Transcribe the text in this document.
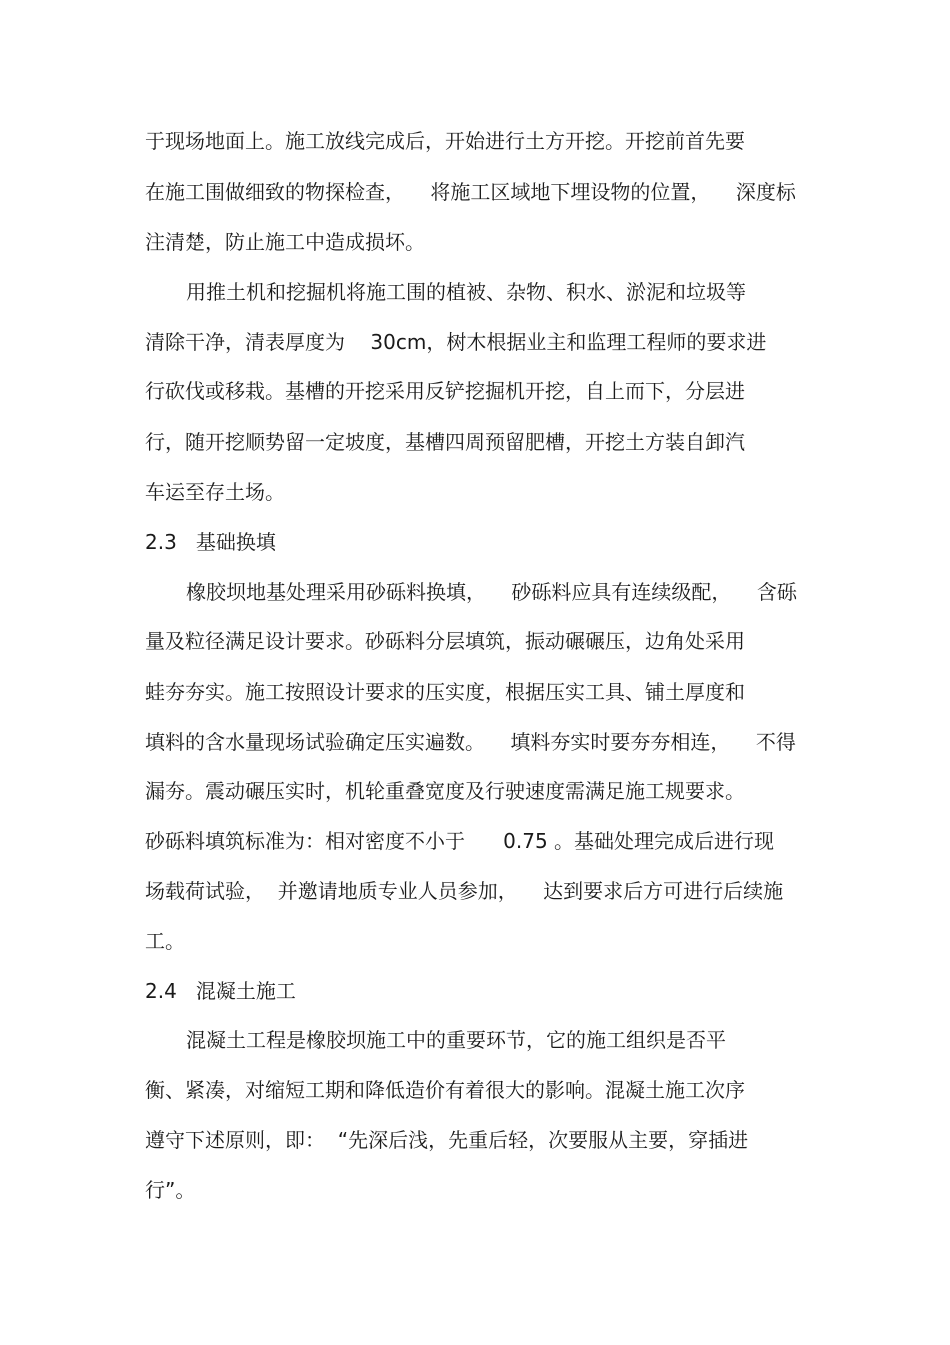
于现场地面上。施工放线完成后，开始进行土方开挖。开挖前首先要
在施工围做细致的物探检查，    将施工区域地下埋设物的位置，    深度标
注清楚，防止施工中造成损坏。
用推土机和挖掘机将施工围的植被、杂物、积水、淤泥和垃圾等
清除干净，清表厚度为    30cm，树木根据业主和监理工程师的要求进
行砍伐或移栽。基槽的开挖采用反铲挖掘机开挖，自上而下，分层进
行，随开挖顺势留一定坡度，基槽四周预留肥槽，开挖土方装自卸汽
车运至存土场。
2.3   基础换填
橡胶坝地基处理采用砂砾料换填，    砂砾料应具有连续级配，    含砾
量及粒径满足设计要求。砂砾料分层填筑，振动碾碾压，边角处采用
蛙夯夯实。施工按照设计要求的压实度，根据压实工具、铺土厚度和
填料的含水量现场试验确定压实遍数。    填料夯实时要夯夯相连，    不得
漏夯。震动碾压实时，机轮重叠宽度及行驶速度需满足施工规要求。
砂砾料填筑标准为：相对密度不小于      0.75 。基础处理完成后进行现
场载荷试验，  并邀请地质专业人员参加，    达到要求后方可进行后续施
工。
2.4   混凝土施工
混凝土工程是橡胶坝施工中的重要环节，它的施工组织是否平
衡、紧凑，对缩短工期和降低造价有着很大的影响。混凝土施工次序
遵守下述原则，即：  “先深后浅，先重后轻，次要服从主要，穿插进
行”。
